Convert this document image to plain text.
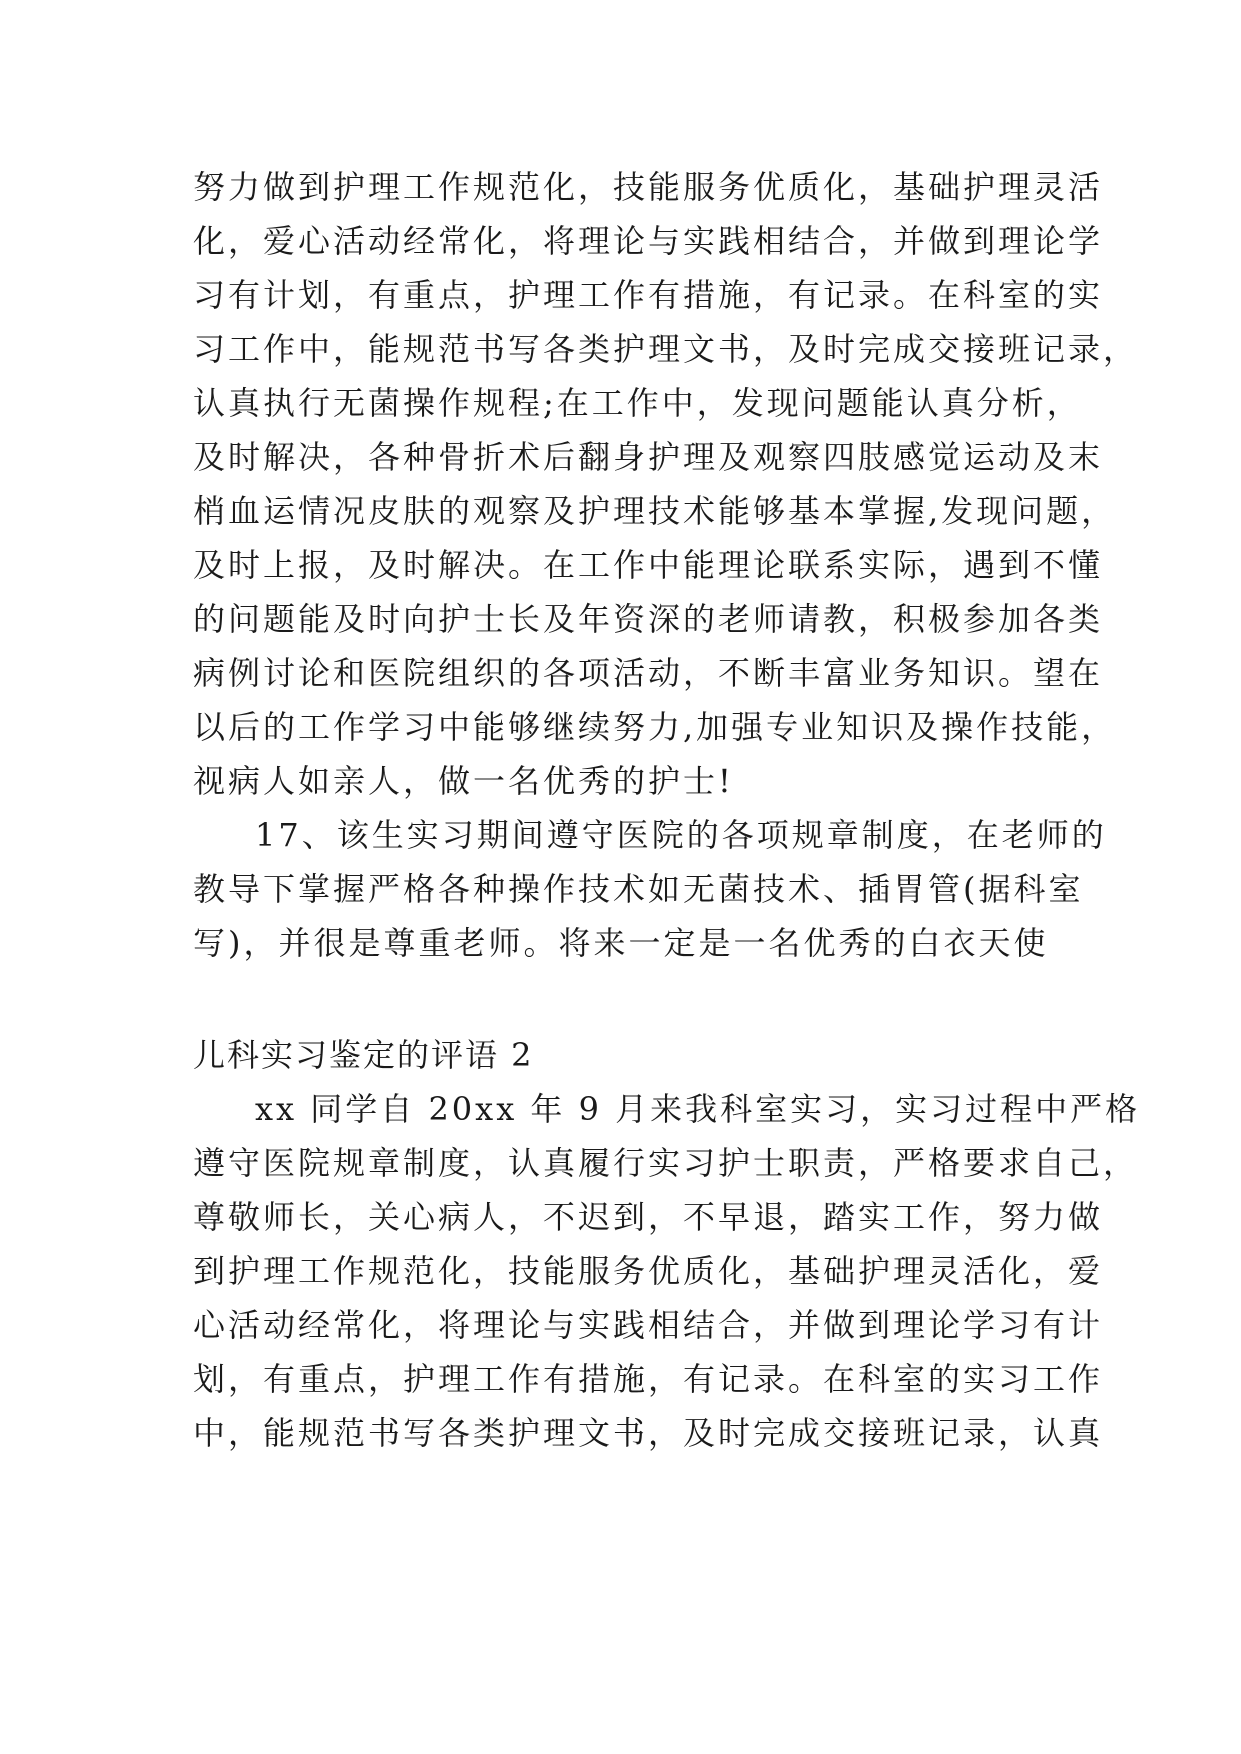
努力做到护理工作规范化，技能服务优质化，基础护理灵活
化，爱心活动经常化，将理论与实践相结合，并做到理论学
习有计划，有重点，护理工作有措施，有记录。在科室的实
习工作中，能规范书写各类护理文书，及时完成交接班记录，
认真执行无菌操作规程;在工作中，发现问题能认真分析，
及时解决，各种骨折术后翻身护理及观察四肢感觉运动及末
梢血运情况皮肤的观察及护理技术能够基本掌握,发现问题，
及时上报，及时解决。在工作中能理论联系实际，遇到不懂
的问题能及时向护士长及年资深的老师请教，积极参加各类
病例讨论和医院组织的各项活动，不断丰富业务知识。望在
以后的工作学习中能够继续努力,加强专业知识及操作技能，
视病人如亲人，做一名优秀的护士!
17、该生实习期间遵守医院的各项规章制度，在老师的
教导下掌握严格各种操作技术如无菌技术、插胃管(据科室
写)，并很是尊重老师。将来一定是一名优秀的白衣天使
儿科实习鉴定的评语 2
xx 同学自 20xx 年 9 月来我科室实习，实习过程中严格
遵守医院规章制度，认真履行实习护士职责，严格要求自己，
尊敬师长，关心病人，不迟到，不早退，踏实工作，努力做
到护理工作规范化，技能服务优质化，基础护理灵活化，爱
心活动经常化，将理论与实践相结合，并做到理论学习有计
划，有重点，护理工作有措施，有记录。在科室的实习工作
中，能规范书写各类护理文书，及时完成交接班记录，认真
